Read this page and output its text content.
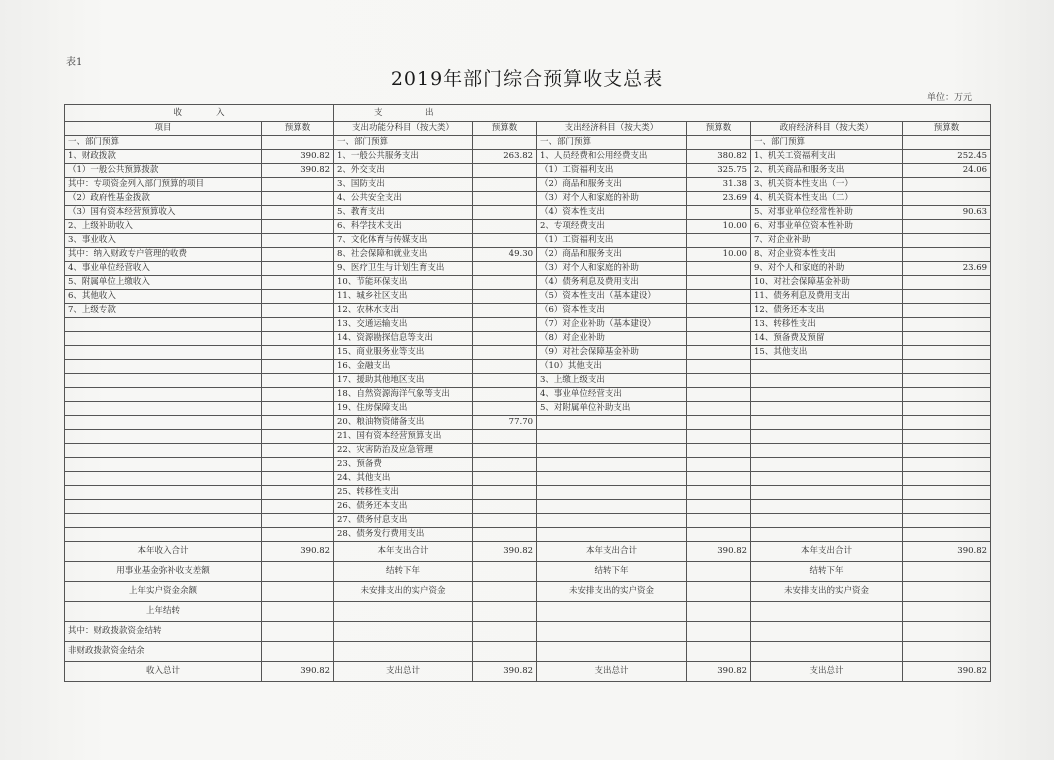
表1
2019年部门综合预算收支总表
单位：万元
收　　　　入		支　　　　　出					
项目	预算数	支出功能分科目（按大类）	预算数	支出经济科目（按大类）	预算数	政府经济科目（按大类）	预算数
一、部门预算		一、部门预算		一、部门预算		一、部门预算	
1、财政拨款	390.82	1、一般公共服务支出	263.82	1、人员经费和公用经费支出	380.82	1、机关工资福利支出	252.45
（1）一般公共预算拨款	390.82	2、外交支出		（1）工资福利支出	325.75	2、机关商品和服务支出	24.06
其中：专项资金列入部门预算的项目		3、国防支出		（2）商品和服务支出	31.38	3、机关资本性支出（一）	
（2）政府性基金拨款		4、公共安全支出		（3）对个人和家庭的补助	23.69	4、机关资本性支出（二）	
（3）国有资本经营预算收入		5、教育支出		（4）资本性支出		5、对事业单位经常性补助	90.63
2、上级补助收入		6、科学技术支出		2、专项经费支出	10.00	6、对事业单位资本性补助	
3、事业收入		7、文化体育与传媒支出		（1）工资福利支出		7、对企业补助	
其中：纳入财政专户管理的收费		8、社会保障和就业支出	49.30	（2）商品和服务支出	10.00	8、对企业资本性支出	
4、事业单位经营收入		9、医疗卫生与计划生育支出		（3）对个人和家庭的补助		9、对个人和家庭的补助	23.69
5、附属单位上缴收入		10、节能环保支出		（4）债务利息及费用支出		10、对社会保障基金补助	
6、其他收入		11、城乡社区支出		（5）资本性支出（基本建设）		11、债务利息及费用支出	
7、上级专款		12、农林水支出		（6）资本性支出		12、债务还本支出	
		13、交通运输支出		（7）对企业补助（基本建设）		13、转移性支出	
		14、资源勘探信息等支出		（8）对企业补助		14、预备费及预留	
		15、商业服务业等支出		（9）对社会保障基金补助		15、其他支出	
		16、金融支出		（10）其他支出			
		17、援助其他地区支出		3、上缴上级支出			
		18、自然资源海洋气象等支出		4、事业单位经营支出			
		19、住房保障支出		5、对附属单位补助支出			
		20、粮油物资储备支出	77.70				
		21、国有资本经营预算支出					
		22、灾害防治及应急管理					
		23、预备费					
		24、其他支出					
		25、转移性支出					
		26、债务还本支出					
		27、债务付息支出					
		28、债务发行费用支出					
本年收入合计	390.82	本年支出合计	390.82	本年支出合计	390.82	本年支出合计	390.82
用事业基金弥补收支差额		结转下年		结转下年		结转下年	
上年实户资金余额		未安排支出的实户资金		未安排支出的实户资金		未安排支出的实户资金	
上年结转							
其中：财政拨款资金结转							
非财政拨款资金结余							
收入总计	390.82	支出总计	390.82	支出总计	390.82	支出总计	390.82
